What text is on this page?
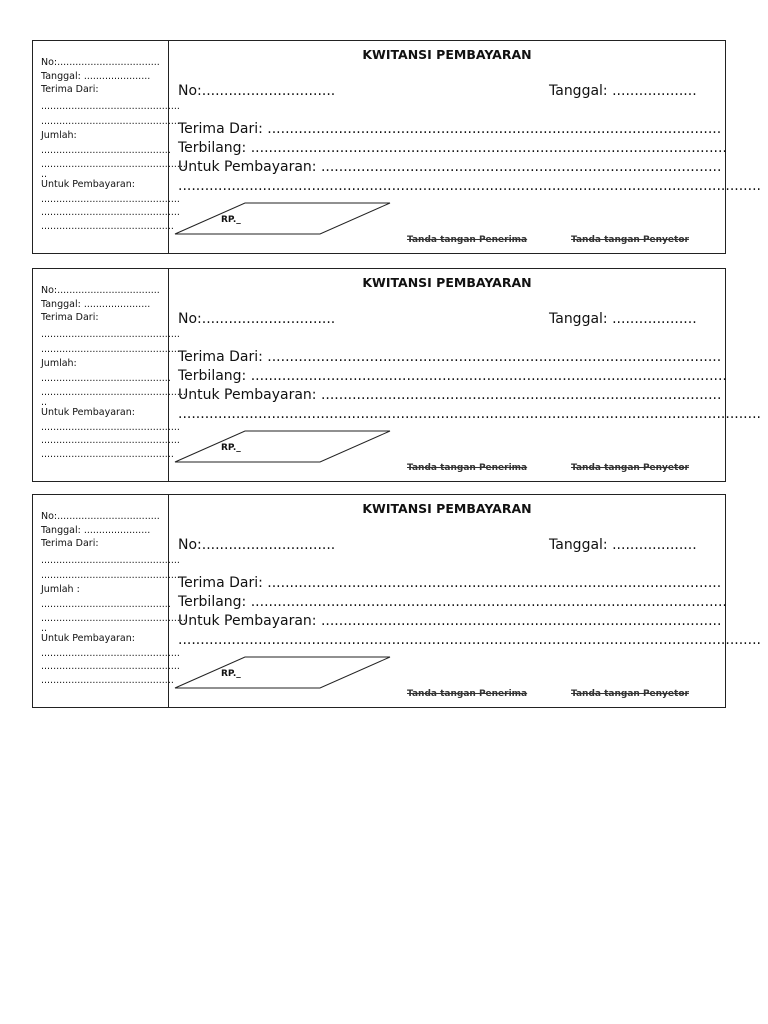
No:..................................
Tanggal: ......................
Terima Dari:
..............................................
..............................................
Jumlah:
...........................................
................................................
..
Untuk Pembayaran:
..............................................
..............................................
............................................
KWITANSI PEMBAYARAN
No:..............................	Tanggal: ...................
Terima Dari: ......................................................................................................
Terbilang: ...........................................................................................................
Untuk Pembayaran: ..........................................................................................
...................................................................................................................................
RP._
Tanda tangan Penerima	Tanda tangan Penyetor
No:..................................
Tanggal: ......................
Terima Dari:
..............................................
..............................................
Jumlah:
...........................................
................................................
..
Untuk Pembayaran:
..............................................
..............................................
............................................
KWITANSI PEMBAYARAN
No:..............................	Tanggal: ...................
Terima Dari: ......................................................................................................
Terbilang: ...........................................................................................................
Untuk Pembayaran: ..........................................................................................
...................................................................................................................................
RP._
Tanda tangan Penerima	Tanda tangan Penyetor
No:..................................
Tanggal: ......................
Terima Dari:
..............................................
..............................................
Jumlah :
...........................................
................................................
..
Untuk Pembayaran:
..............................................
..............................................
............................................
KWITANSI PEMBAYARAN
No:..............................	Tanggal: ...................
Terima Dari: ......................................................................................................
Terbilang: ...........................................................................................................
Untuk Pembayaran: ..........................................................................................
...................................................................................................................................
RP._
Tanda tangan Penerima	Tanda tangan Penyetor
